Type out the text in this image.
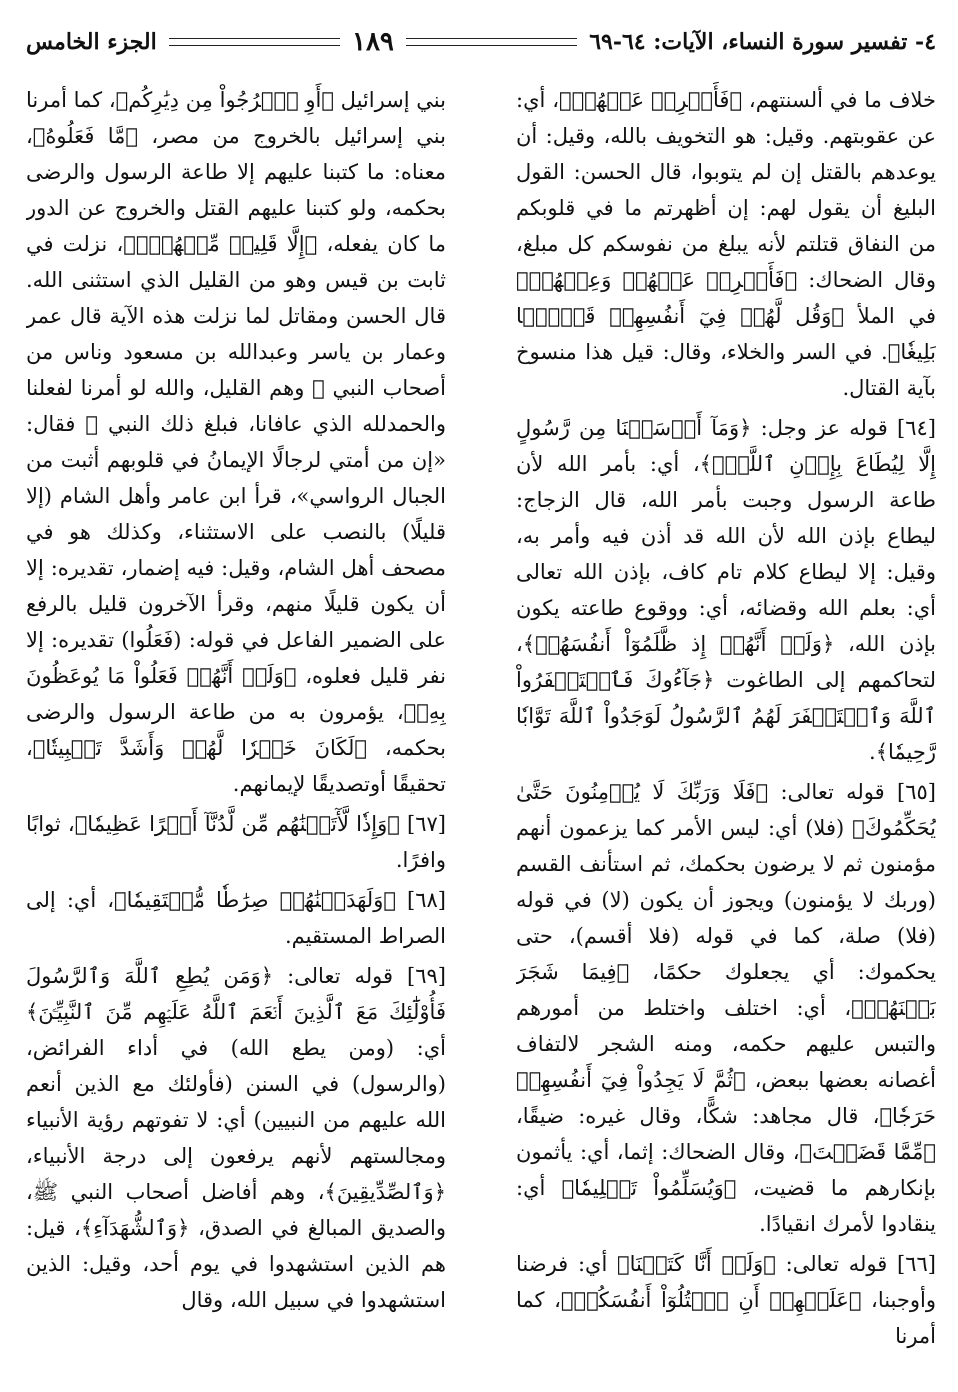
الجزء الخامس	١٨٩	٤- تفسير سورة النساء، الآيات: ٦٤-٦٩

خلاف ما في ألسنتهم، ﴿فَأَعۡرِضۡ عَنۡهُمۡ﴾، أي: عن عقوبتهم. وقيل: هو التخويف بالله، وقيل: أن يوعدهم بالقتل إن لم يتوبوا، قال الحسن: القول البليغ أن يقول لهم: إن أظهرتم ما في قلوبكم من النفاق قتلتم لأنه يبلغ من نفوسكم كل مبلغ، وقال الضحاك: ﴿فَأَعۡرِضۡ عَنۡهُمۡ وَعِظۡهُمۡ﴾ في الملأ ﴿وَقُل لَّهُمۡ فِيٓ أَنفُسِهِمۡ قَوۡلَۢا بَلِيغٗا﴾. في السر والخلاء، وقال: قيل هذا منسوخ بآية القتال.

[٦٤] قوله عز وجل: ﴿وَمَآ أَرۡسَلۡنَا مِن رَّسُولٍ إِلَّا لِيُطَاعَ بِإِذۡنِ ٱللَّهِۚ﴾، أي: بأمر الله لأن طاعة الرسول وجبت بأمر الله، قال الزجاج: ليطاع بإذن الله لأن الله قد أذن فيه وأمر به، وقيل: إلا ليطاع كلام تام كاف، بإذن الله تعالى أي: بعلم الله وقضائه، أي: ووقوع طاعته يكون بإذن الله، ﴿وَلَوۡ أَنَّهُمۡ إِذ ظَّلَمُوٓاْ أَنفُسَهُمۡ﴾، لتحاكمهم إلى الطاغوت ﴿جَآءُوكَ فَٱسۡتَغۡفَرُواْ ٱللَّهَ وَٱسۡتَغۡفَرَ لَهُمُ ٱلرَّسُولُ لَوَجَدُواْ ٱللَّهَ تَوَّابٗا رَّحِيمٗا﴾.

[٦٥] قوله تعالى: ﴿فَلَا وَرَبِّكَ لَا يُؤۡمِنُونَ حَتَّىٰ يُحَكِّمُوكَ﴾ (فلا) أي: ليس الأمر كما يزعمون أنهم مؤمنون ثم لا يرضون بحكمك، ثم استأنف القسم (وربك لا يؤمنون) ويجوز أن يكون (لا) في قوله (فلا) صلة، كما في قوله (فلا أقسم)، حتى يحكموك: أي يجعلوك حكمًا، ﴿فِيمَا شَجَرَ بَيۡنَهُمۡ﴾، أي: اختلف واختلط من أمورهم والتبس عليهم حكمه، ومنه الشجر لالتفاف أغصانه بعضها ببعض، ﴿ثُمَّ لَا يَجِدُواْ فِيٓ أَنفُسِهِمۡ حَرَجٗا﴾، قال مجاهد: شكًّا، وقال غيره: ضيقًا، ﴿مِّمَّا قَضَيۡتَ﴾، وقال الضحاك: إثما، أي: يأثمون بإنكارهم ما قضيت، ﴿وَيُسَلِّمُواْ تَسۡلِيمٗا﴾ أي: ينقادوا لأمرك انقيادًا.

[٦٦] قوله تعالى: ﴿وَلَوۡ أَنَّا كَتَبۡنَا﴾ أي: فرضنا وأوجبنا، ﴿عَلَيۡهِمۡ أَنِ ٱقۡتُلُوٓاْ أَنفُسَكُمۡ﴾، كما أمرنا

بني إسرائيل ﴿أَوِ ٱخۡرُجُواْ مِن دِيَٰرِكُم﴾، كما أمرنا بني إسرائيل بالخروج من مصر، ﴿مَّا فَعَلُوهُ﴾، معناه: ما كتبنا عليهم إلا طاعة الرسول والرضى بحكمه، ولو كتبنا عليهم القتل والخروج عن الدور ما كان يفعله، ﴿إِلَّا قَلِيلٞ مِّنۡهُمۡۖ﴾، نزلت في ثابت بن قيس وهو من القليل الذي استثنى الله. قال الحسن ومقاتل لما نزلت هذه الآية قال عمر وعمار بن ياسر وعبدالله بن مسعود وناس من أصحاب النبي ﷺ وهم القليل، والله لو أمرنا لفعلنا والحمدلله الذي عافانا، فبلغ ذلك النبي ﷺ فقال: «إن من أمتي لرجالًا الإيمانُ في قلوبهم أثبت من الجبال الرواسي»، قرأ ابن عامر وأهل الشام (إلا قليلًا) بالنصب على الاستثناء، وكذلك هو في مصحف أهل الشام، وقيل: فيه إضمار، تقديره: إلا أن يكون قليلًا منهم، وقرأ الآخرون قليل بالرفع على الضمير الفاعل في قوله: (فَعَلُوا) تقديره: إلا نفر قليل فعلوه، ﴿وَلَوۡ أَنَّهُمۡ فَعَلُواْ مَا يُوعَظُونَ بِهِۦ﴾، يؤمرون به من طاعة الرسول والرضى بحكمه، ﴿لَكَانَ خَيۡرٗا لَّهُمۡ وَأَشَدَّ تَثۡبِيتٗا﴾، تحقيقًا أوتصديقًا لإيمانهم.

[٦٧] ﴿وَإِذٗا لَّأٓتَيۡنَٰهُم مِّن لَّدُنَّآ أَجۡرًا عَظِيمٗا﴾، ثوابًا وافرًا.

[٦٨] ﴿وَلَهَدَيۡنَٰهُمۡ صِرَٰطٗا مُّسۡتَقِيمٗا﴾، أي: إلى الصراط المستقيم.

[٦٩] قوله تعالى: ﴿وَمَن يُطِعِ ٱللَّهَ وَٱلرَّسُولَ فَأُوْلَٰٓئِكَ مَعَ ٱلَّذِينَ أَنۡعَمَ ٱللَّهُ عَلَيۡهِم مِّنَ ٱلنَّبِيِّـۧنَ﴾ أي: (ومن يطع الله) في أداء الفرائض، (والرسول) في السنن (فأولئك مع الذين أنعم الله عليهم من النبيين) أي: لا تفوتهم رؤية الأنبياء ومجالستهم لأنهم يرفعون إلى درجة الأنبياء، ﴿وَٱلصِّدِّيقِينَ﴾، وهم أفاضل أصحاب النبي ﷺ، والصديق المبالغ في الصدق، ﴿وَٱلشُّهَدَآءِ﴾، قيل: هم الذين استشهدوا في يوم أحد، وقيل: الذين استشهدوا في سبيل الله، وقال
